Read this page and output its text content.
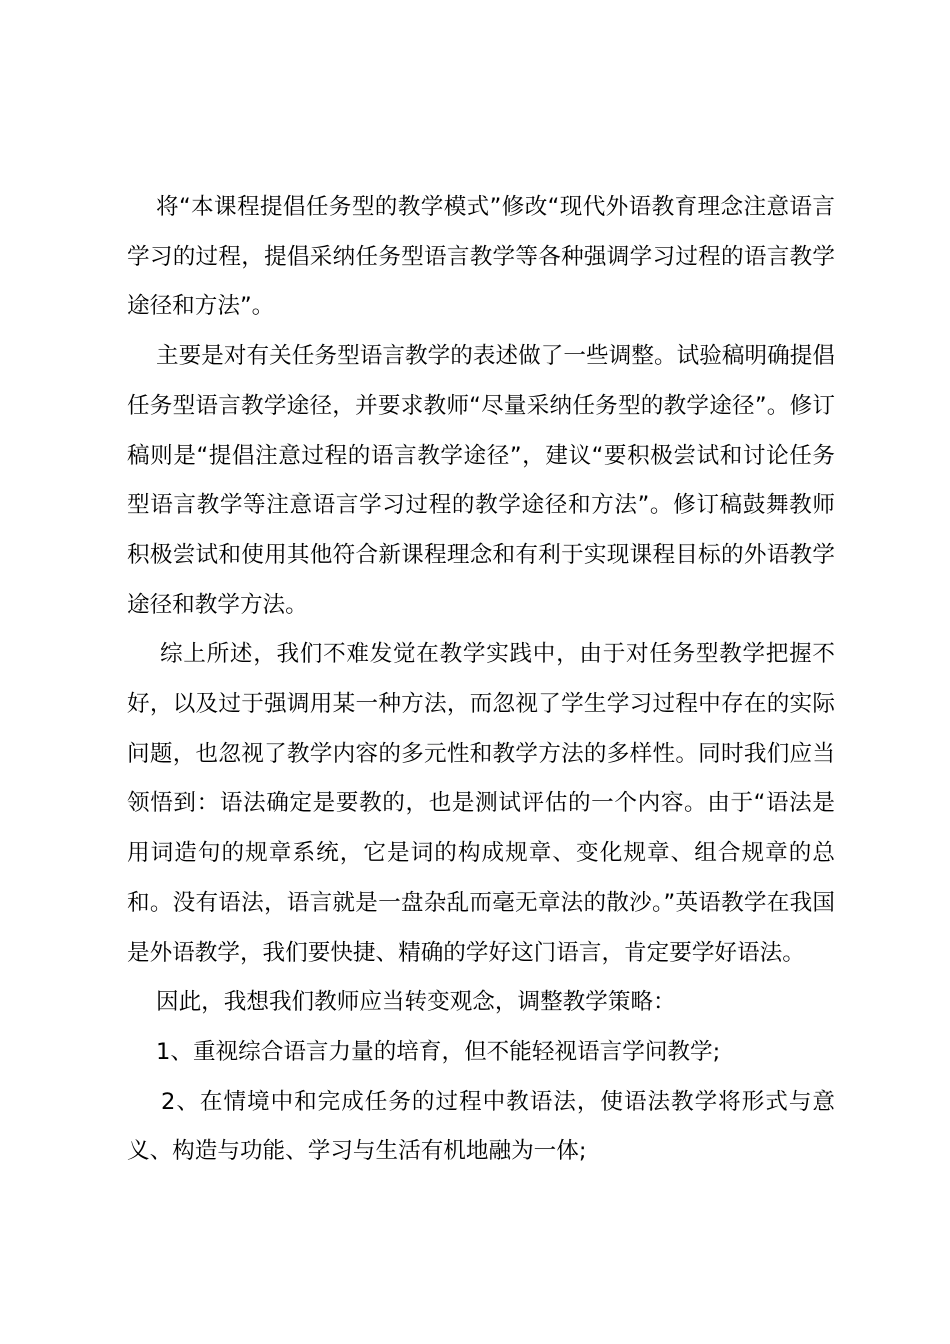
将“本课程提倡任务型的教学模式”修改“现代外语教育理念注意语言学习的过程，提倡采纳任务型语言教学等各种强调学习过程的语言教学途径和方法”。

主要是对有关任务型语言教学的表述做了一些调整。试验稿明确提倡任务型语言教学途径，并要求教师“尽量采纳任务型的教学途径”。修订稿则是“提倡注意过程的语言教学途径”，建议“要积极尝试和讨论任务型语言教学等注意语言学习过程的教学途径和方法”。修订稿鼓舞教师积极尝试和使用其他符合新课程理念和有利于实现课程目标的外语教学途径和教学方法。

综上所述，我们不难发觉在教学实践中，由于对任务型教学把握不好，以及过于强调用某一种方法，而忽视了学生学习过程中存在的实际问题，也忽视了教学内容的多元性和教学方法的多样性。同时我们应当领悟到：语法确定是要教的，也是测试评估的一个内容。由于“语法是用词造句的规章系统，它是词的构成规章、变化规章、组合规章的总和。没有语法，语言就是一盘杂乱而毫无章法的散沙。”英语教学在我国是外语教学，我们要快捷、精确的学好这门语言，肯定要学好语法。

因此，我想我们教师应当转变观念，调整教学策略：

1、重视综合语言力量的培育，但不能轻视语言学问教学;

2、在情境中和完成任务的过程中教语法，使语法教学将形式与意义、构造与功能、学习与生活有机地融为一体;
